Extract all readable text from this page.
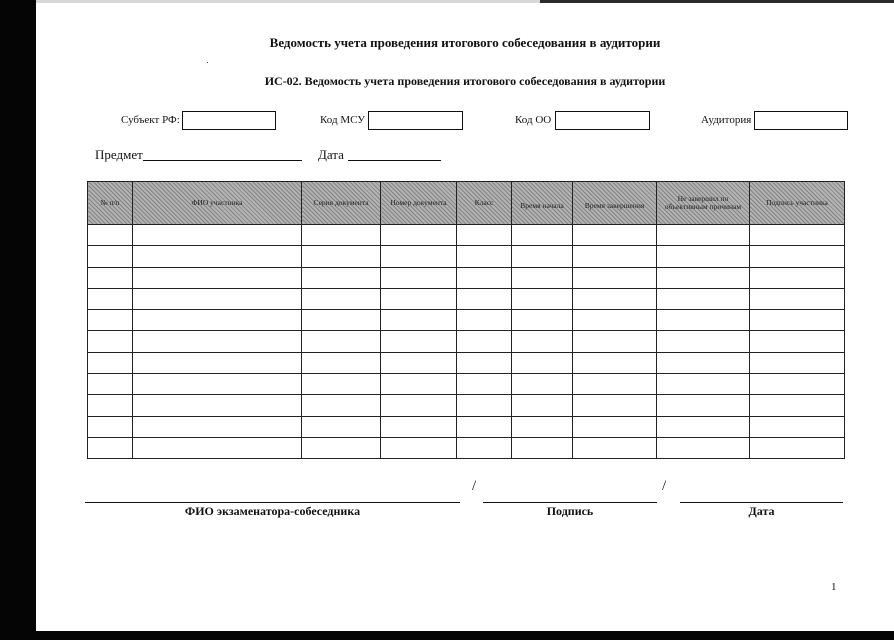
Ведомость учета проведения итогового собеседования в аудитории
ИС-02. Ведомость учета проведения итогового собеседования в аудитории
Субъект РФ:	Код МСУ	Код ОО	Аудитория
Предмет	Дата
№ п/п	ФИО участника	Серия документа	Номер документа	Класс	Время начала	Время завершения	Не завершил по объективным причинам	Подпись участника

/	/
ФИО экзаменатора-собеседника	Подпись	Дата
1
